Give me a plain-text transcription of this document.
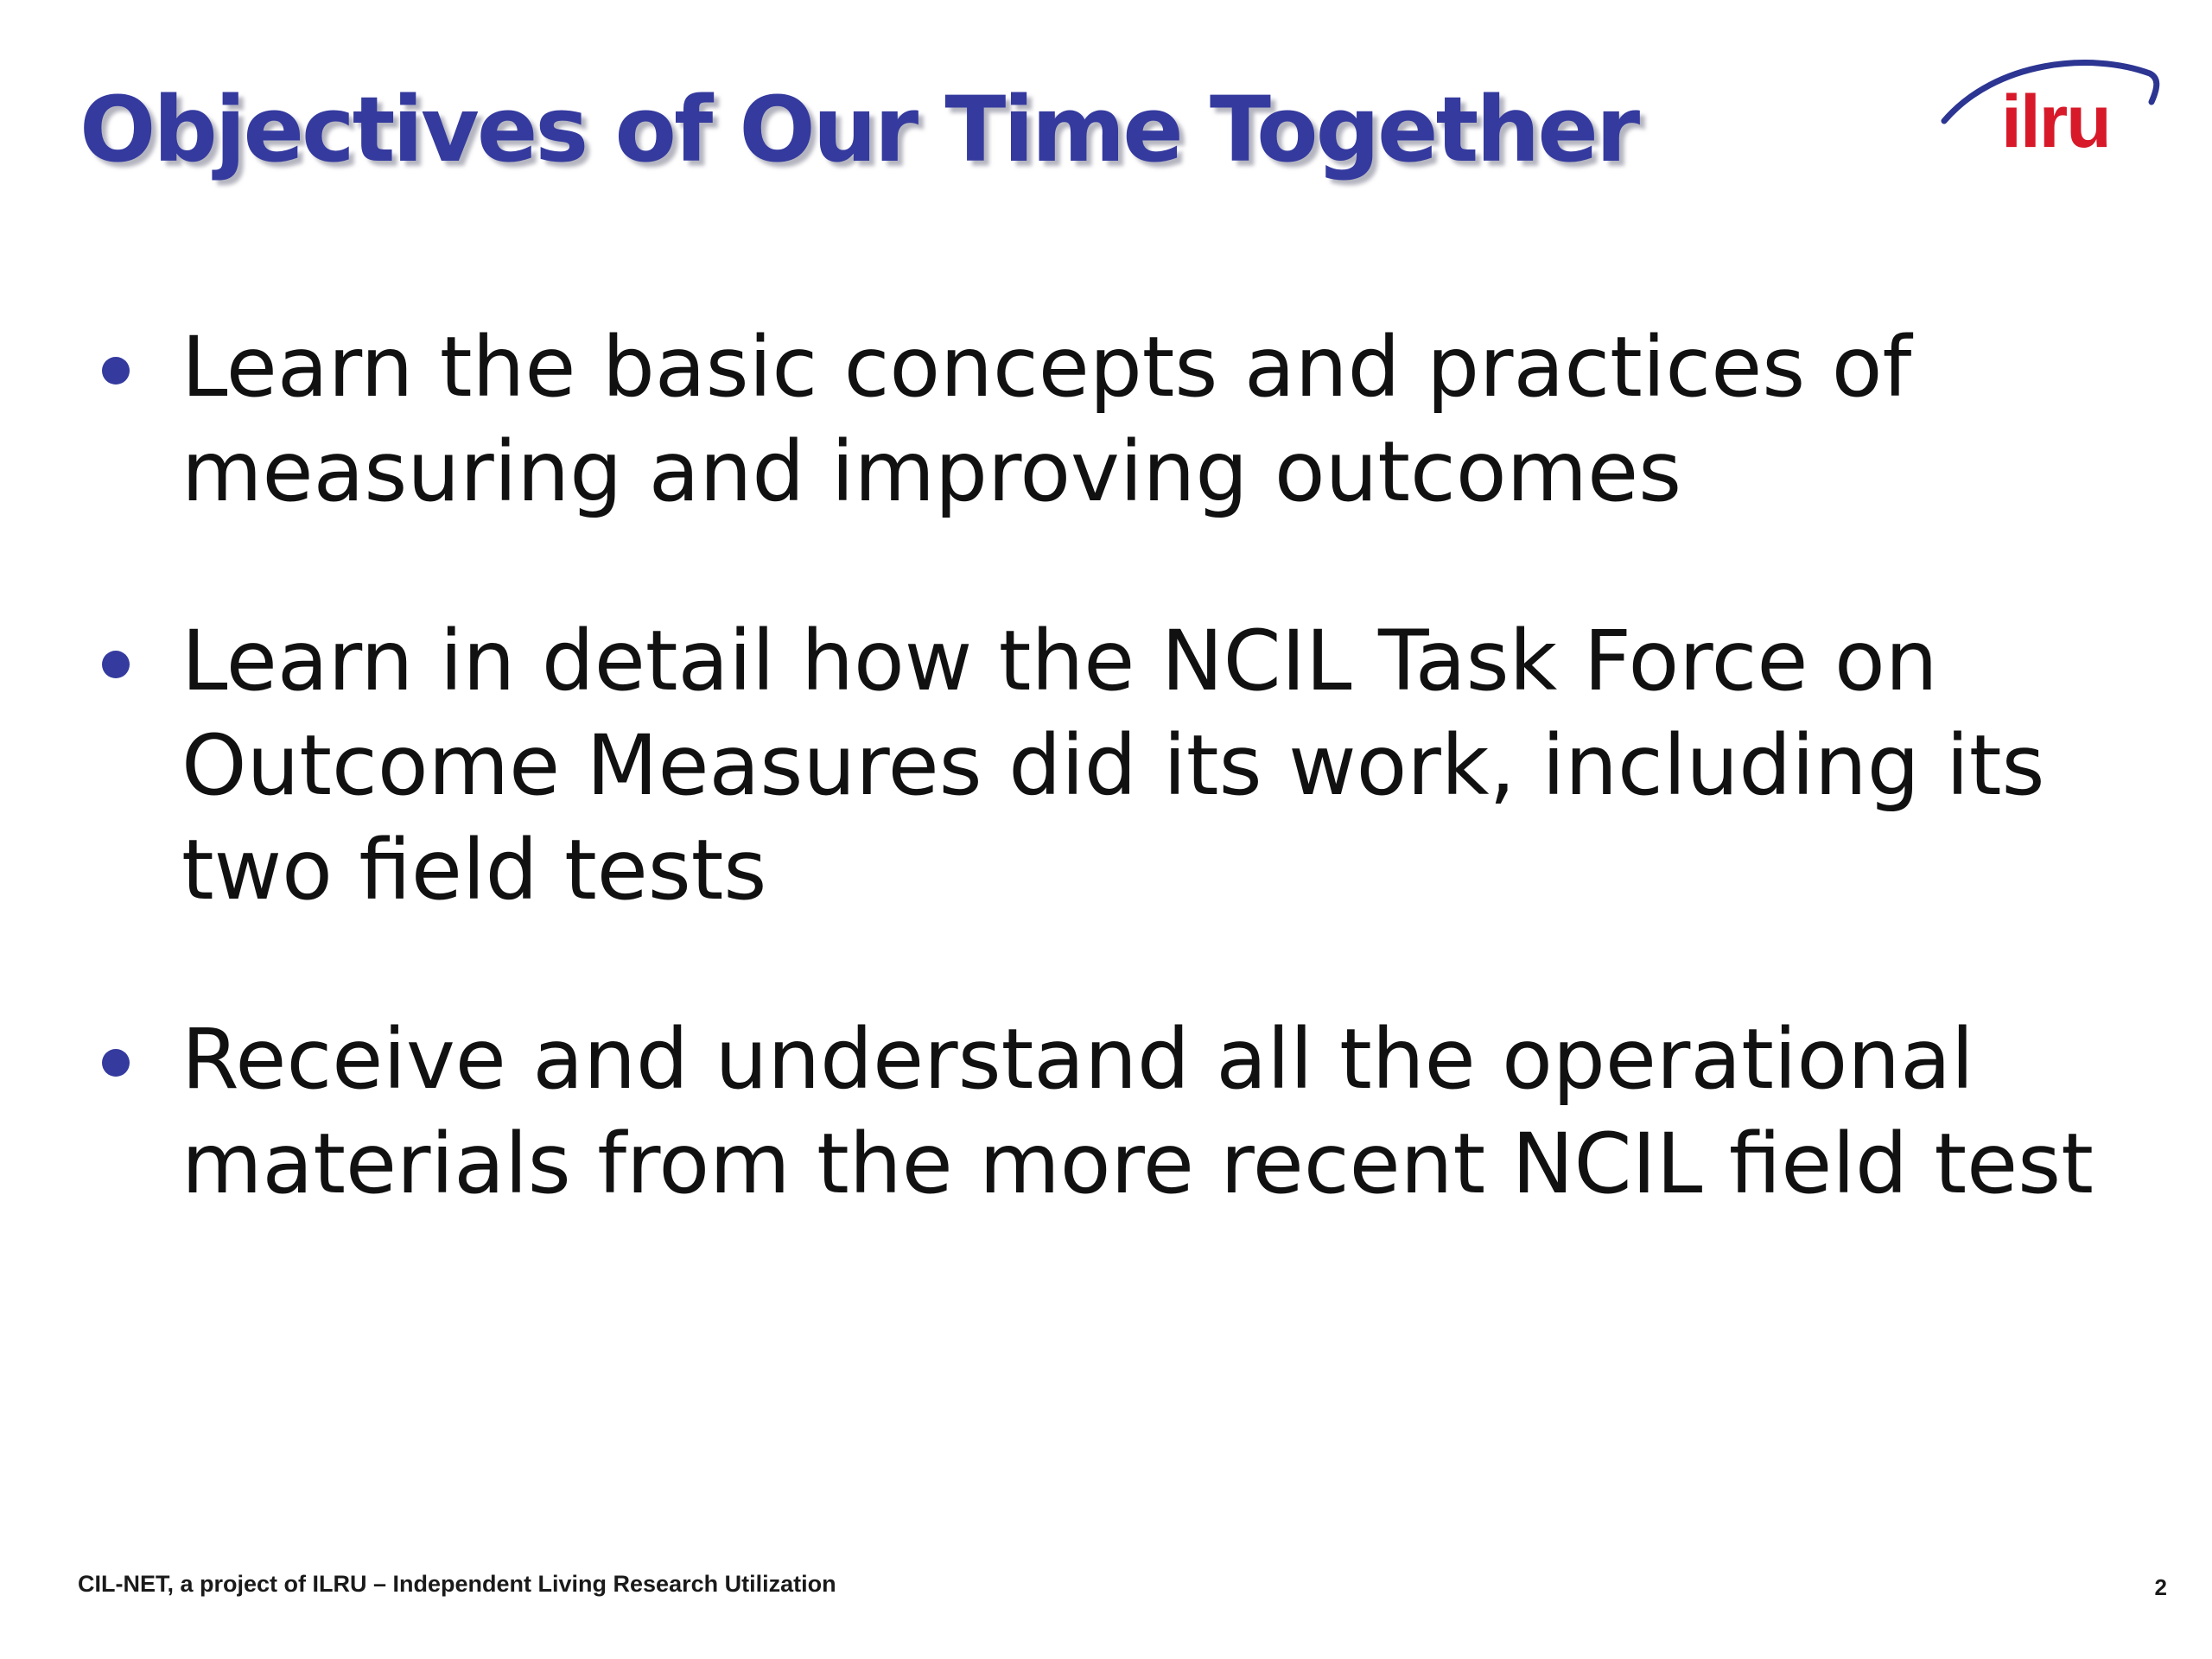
Objectives of Our Time Together	ilru
Learn the basic concepts and practices of measuring and improving outcomes
Learn in detail how the NCIL Task Force on Outcome Measures did its work, including its two field tests
Receive and understand all the operational materials from the more recent NCIL field test
CIL-NET, a project of ILRU – Independent Living Research Utilization	2
